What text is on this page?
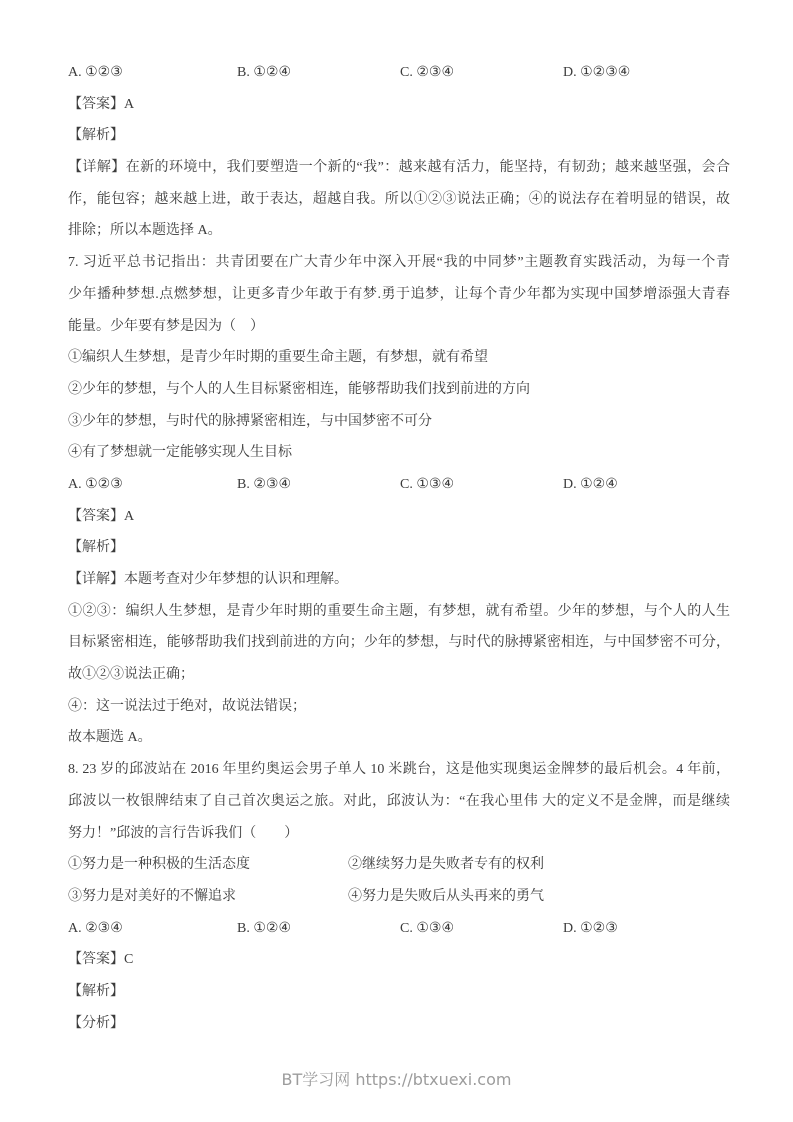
A. ①②③	B. ①②④	C. ②③④	D. ①②③④
【答案】A
【解析】
【详解】在新的环境中，我们要塑造一个新的“我”：越来越有活力，能坚持，有韧劲；越来越坚强，会合
作，能包容；越来越上进，敢于表达，超越自我。所以①②③说法正确；④的说法存在着明显的错误，故
排除；所以本题选择 A。
7. 习近平总书记指出：共青团要在广大青少年中深入开展“我的中同梦”主题教育实践活动，为每一个青
少年播种梦想.点燃梦想，让更多青少年敢于有梦.勇于追梦，让每个青少年都为实现中国梦增添强大青春
能量。少年要有梦是因为（　）
①编织人生梦想，是青少年时期的重要生命主题，有梦想，就有希望
②少年的梦想，与个人的人生目标紧密相连，能够帮助我们找到前进的方向
③少年的梦想，与时代的脉搏紧密相连，与中国梦密不可分
④有了梦想就一定能够实现人生目标
A. ①②③	B. ②③④	C. ①③④	D. ①②④
【答案】A
【解析】
【详解】本题考查对少年梦想的认识和理解。
①②③：编织人生梦想，是青少年时期的重要生命主题，有梦想，就有希望。少年的梦想，与个人的人生
目标紧密相连，能够帮助我们找到前进的方向；少年的梦想，与时代的脉搏紧密相连，与中国梦密不可分，
故①②③说法正确；
④：这一说法过于绝对，故说法错误；
故本题选 A。
8. 23 岁的邱波站在 2016 年里约奥运会男子单人 10 米跳台，这是他实现奥运金牌梦的最后机会。4 年前，
邱波以一枚银牌结束了自己首次奥运之旅。对此，邱波认为：“在我心里伟 大的定义不是金牌，而是继续
努力！”邱波的言行告诉我们（　　）
①努力是一种积极的生活态度	②继续努力是失败者专有的权利
③努力是对美好的不懈追求	④努力是失败后从头再来的勇气
A. ②③④	B. ①②④	C. ①③④	D. ①②③
【答案】C
【解析】
【分析】
BT学习网 https://btxuexi.com
